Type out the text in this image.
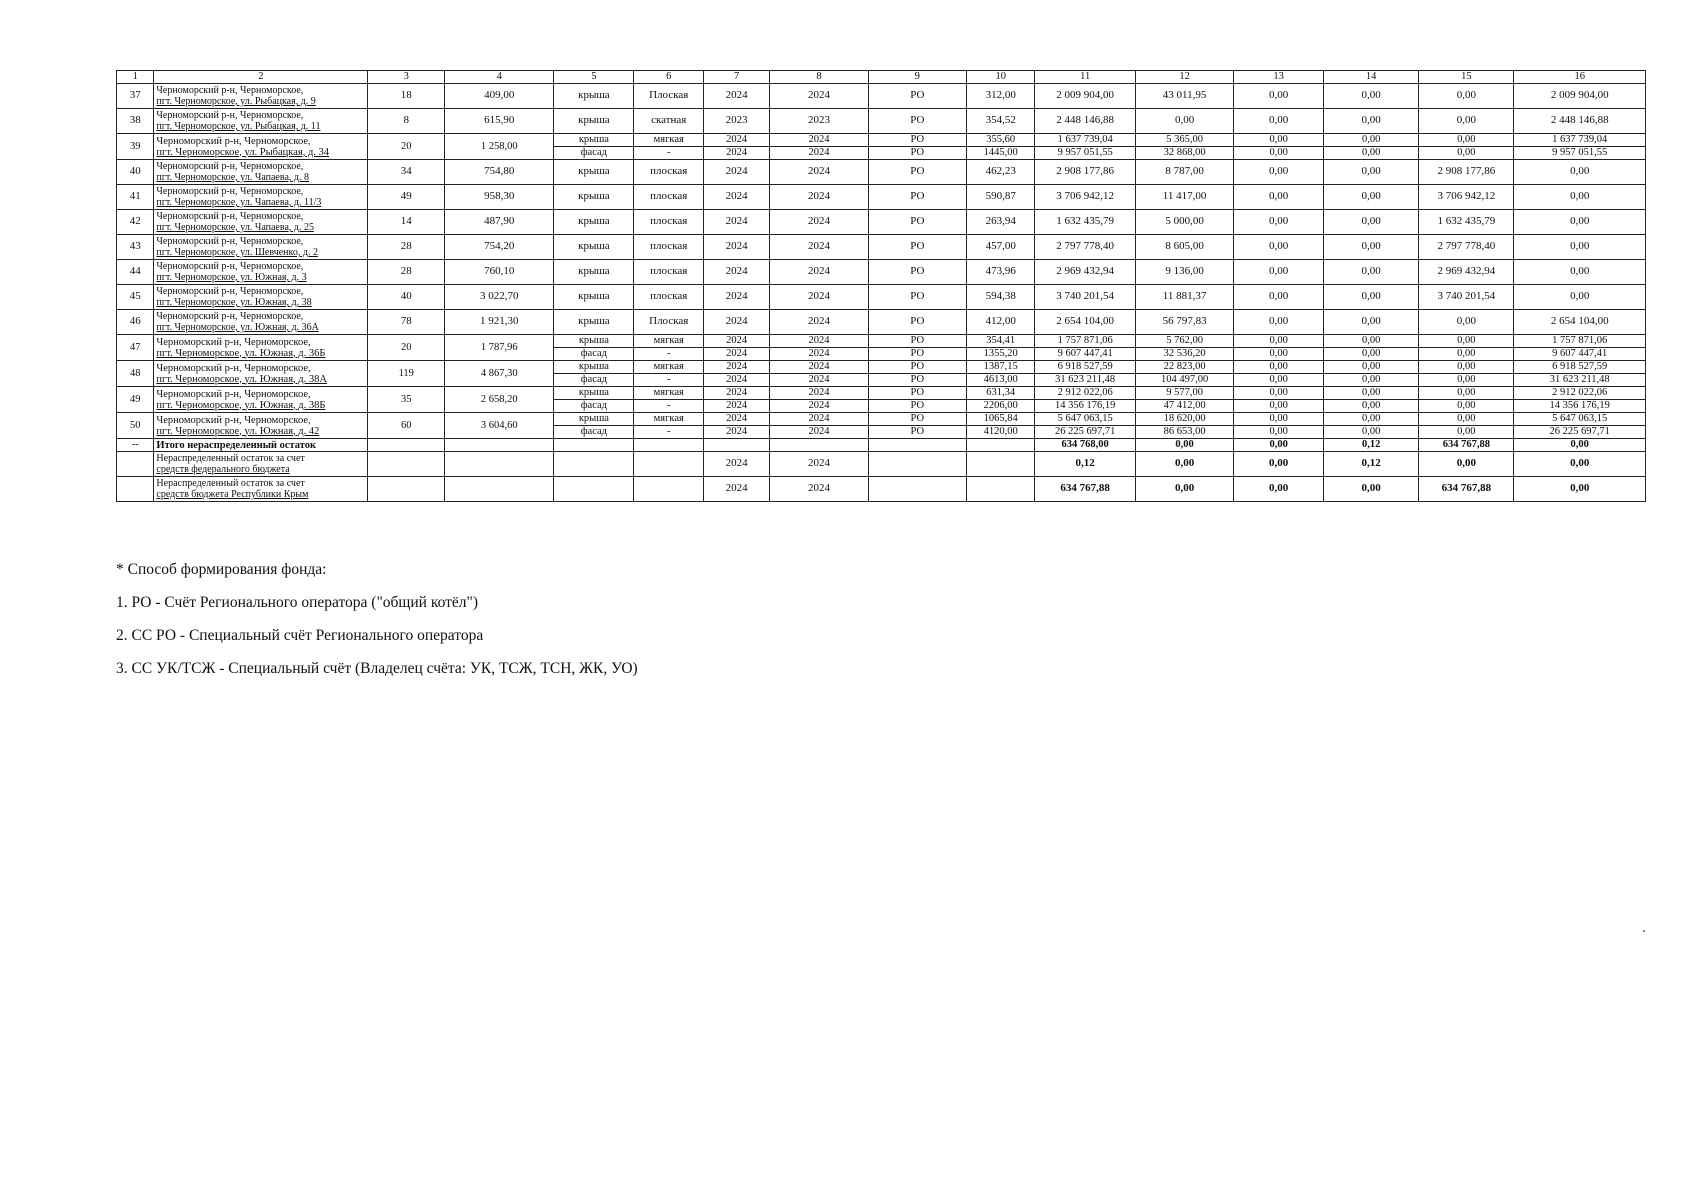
1	2	3	4	5	6	7	8	9	10	11	12	13	14	15	16
37	Черноморский р-н, Черноморское,
пгт. Черноморское, ул. Рыбацкая, д. 9	18	409,00	крыша	Плоская	2024	2024	РО	312,00	2 009 904,00	43 011,95	0,00	0,00	0,00	2 009 904,00
38	Черноморский р-н, Черноморское,
пгт. Черноморское, ул. Рыбацкая, д. 11	8	615,90	крыша	скатная	2023	2023	РО	354,52	2 448 146,88	0,00	0,00	0,00	0,00	2 448 146,88
39	Черноморский р-н, Черноморское,
пгт. Черноморское, ул. Рыбацкая, д. 34	20	1 258,00	крыша	мягкая	2024	2024	РО	355,60	1 637 739,04	5 365,00	0,00	0,00	0,00	1 637 739,04
				фасад	-	2024	2024	РО	1445,00	9 957 051,55	32 868,00	0,00	0,00	0,00	9 957 051,55
40	Черноморский р-н, Черноморское,
пгт. Черноморское, ул. Чапаева, д. 8	34	754,80	крыша	плоская	2024	2024	РО	462,23	2 908 177,86	8 787,00	0,00	0,00	2 908 177,86	0,00
41	Черноморский р-н, Черноморское,
пгт. Черноморское, ул. Чапаева, д. 11/3	49	958,30	крыша	плоская	2024	2024	РО	590,87	3 706 942,12	11 417,00	0,00	0,00	3 706 942,12	0,00
42	Черноморский р-н, Черноморское,
пгт. Черноморское, ул. Чапаева, д. 25	14	487,90	крыша	плоская	2024	2024	РО	263,94	1 632 435,79	5 000,00	0,00	0,00	1 632 435,79	0,00
43	Черноморский р-н, Черноморское,
пгт. Черноморское, ул. Шевченко, д. 2	28	754,20	крыша	плоская	2024	2024	РО	457,00	2 797 778,40	8 605,00	0,00	0,00	2 797 778,40	0,00
44	Черноморский р-н, Черноморское,
пгт. Черноморское, ул. Южная, д. 3	28	760,10	крыша	плоская	2024	2024	РО	473,96	2 969 432,94	9 136,00	0,00	0,00	2 969 432,94	0,00
45	Черноморский р-н, Черноморское,
пгт. Черноморское, ул. Южная, д. 38	40	3 022,70	крыша	плоская	2024	2024	РО	594,38	3 740 201,54	11 881,37	0,00	0,00	3 740 201,54	0,00
46	Черноморский р-н, Черноморское,
пгт. Черноморское, ул. Южная, д. 36А	78	1 921,30	крыша	Плоская	2024	2024	РО	412,00	2 654 104,00	56 797,83	0,00	0,00	0,00	2 654 104,00
47	Черноморский р-н, Черноморское,
пгт. Черноморское, ул. Южная, д. 36Б	20	1 787,96	крыша	мягкая	2024	2024	РО	354,41	1 757 871,06	5 762,00	0,00	0,00	0,00	1 757 871,06
				фасад	-	2024	2024	РО	1355,20	9 607 447,41	32 536,20	0,00	0,00	0,00	9 607 447,41
48	Черноморский р-н, Черноморское,
пгт. Черноморское, ул. Южная, д. 38А	119	4 867,30	крыша	мягкая	2024	2024	РО	1387,15	6 918 527,59	22 823,00	0,00	0,00	0,00	6 918 527,59
				фасад	-	2024	2024	РО	4613,00	31 623 211,48	104 497,00	0,00	0,00	0,00	31 623 211,48
49	Черноморский р-н, Черноморское,
пгт. Черноморское, ул. Южная, д. 38Б	35	2 658,20	крыша	мягкая	2024	2024	РО	631,34	2 912 022,06	9 577,00	0,00	0,00	0,00	2 912 022,06
				фасад	-	2024	2024	РО	2206,00	14 356 176,19	47 412,00	0,00	0,00	0,00	14 356 176,19
50	Черноморский р-н, Черноморское,
пгт. Черноморское, ул. Южная, д. 42	60	3 604,60	крыша	мягкая	2024	2024	РО	1065,84	5 647 063,15	18 620,00	0,00	0,00	0,00	5 647 063,15
				фасад	-	2024	2024	РО	4120,00	26 225 697,71	86 653,00	0,00	0,00	0,00	26 225 697,71
--	Итого нераспределенный остаток									634 768,00	0,00	0,00	0,12	634 767,88	0,00
	Нераспределенный остаток за счет
средств федерального бюджета					2024	2024			0,12	0,00	0,00	0,12	0,00	0,00
	Нераспределенный остаток за счет
средств бюджета Республики Крым					2024	2024			634 767,88	0,00	0,00	0,00	634 767,88	0,00

* Способ формирования фонда:

1. РО - Счёт Регионального оператора ("общий котёл")

2. СС РО - Специальный счёт Регионального оператора

3. СС УК/ТСЖ - Специальный счёт (Владелец счёта: УК, ТСЖ, ТСН, ЖК, УО)
